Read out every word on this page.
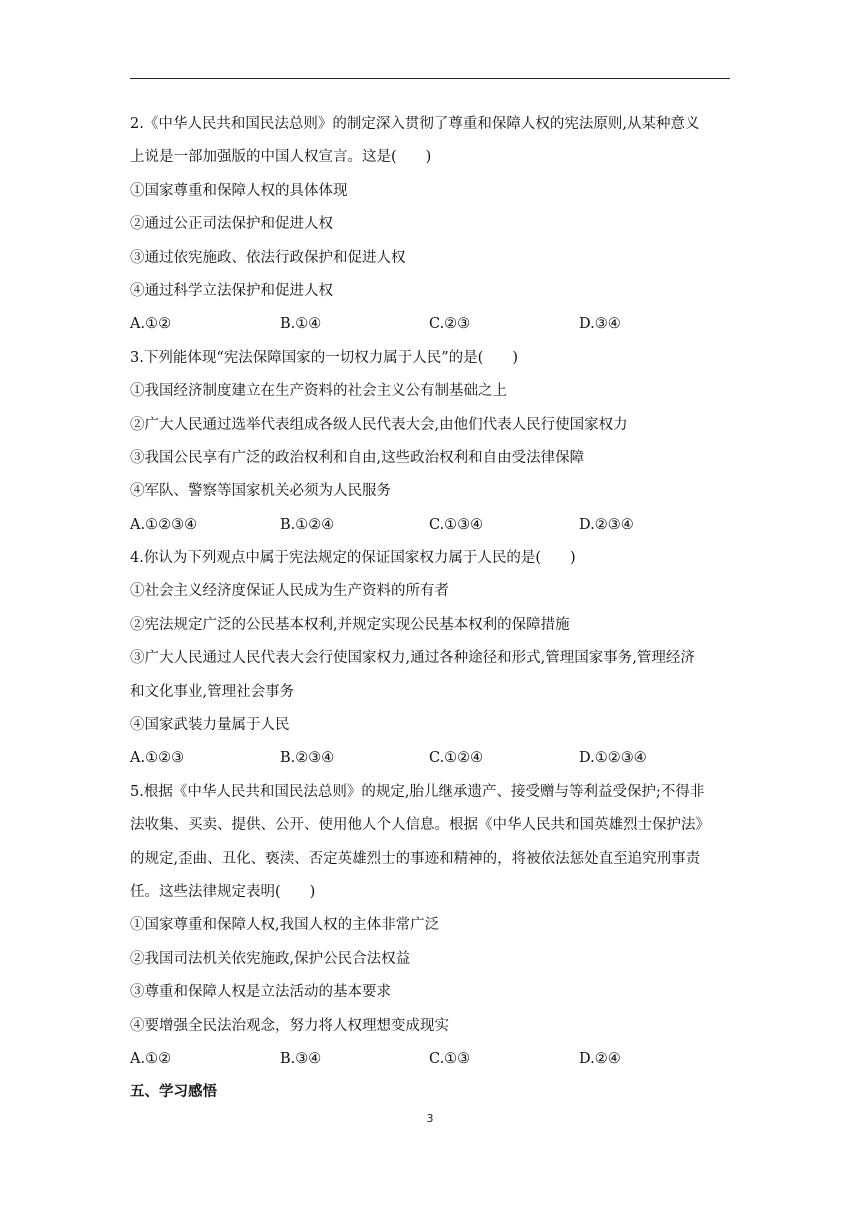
2.《中华人民共和国民法总则》的制定深入贯彻了尊重和保障人权的宪法原则,从某种意义
上说是一部加强版的中国人权宣言。这是(　　)
①国家尊重和保障人权的具体体现
②通过公正司法保护和促进人权
③通过依宪施政、依法行政保护和促进人权
④通过科学立法保护和促进人权
A.①②	B.①④	C.②③	D.③④
3.下列能体现“宪法保障国家的一切权力属于人民”的是(　　)
①我国经济制度建立在生产资料的社会主义公有制基础之上
②广大人民通过选举代表组成各级人民代表大会,由他们代表人民行使国家权力
③我国公民享有广泛的政治权利和自由,这些政治权利和自由受法律保障
④军队、警察等国家机关必须为人民服务
A.①②③④	B.①②④	C.①③④	D.②③④
4.你认为下列观点中属于宪法规定的保证国家权力属于人民的是(　　)
①社会主义经济度保证人民成为生产资料的所有者
②宪法规定广泛的公民基本权利,并规定实现公民基本权利的保障措施
③广大人民通过人民代表大会行使国家权力,通过各种途径和形式,管理国家事务,管理经济
和文化事业,管理社会事务
④国家武装力量属于人民
A.①②③	B.②③④	C.①②④	D.①②③④
5.根据《中华人民共和国民法总则》的规定,胎儿继承遗产、接受赠与等利益受保护;不得非
法收集、买卖、提供、公开、使用他人个人信息。根据《中华人民共和国英雄烈士保护法》
的规定,歪曲、丑化、亵渎、否定英雄烈士的事迹和精神的，将被依法惩处直至追究刑事责
任。这些法律规定表明(　　)
①国家尊重和保障人权,我国人权的主体非常广泛
②我国司法机关依宪施政,保护公民合法权益
③尊重和保障人权是立法活动的基本要求
④要增强全民法治观念，努力将人权理想变成现实
A.①②	B.③④	C.①③	D.②④
五、学习感悟
3
